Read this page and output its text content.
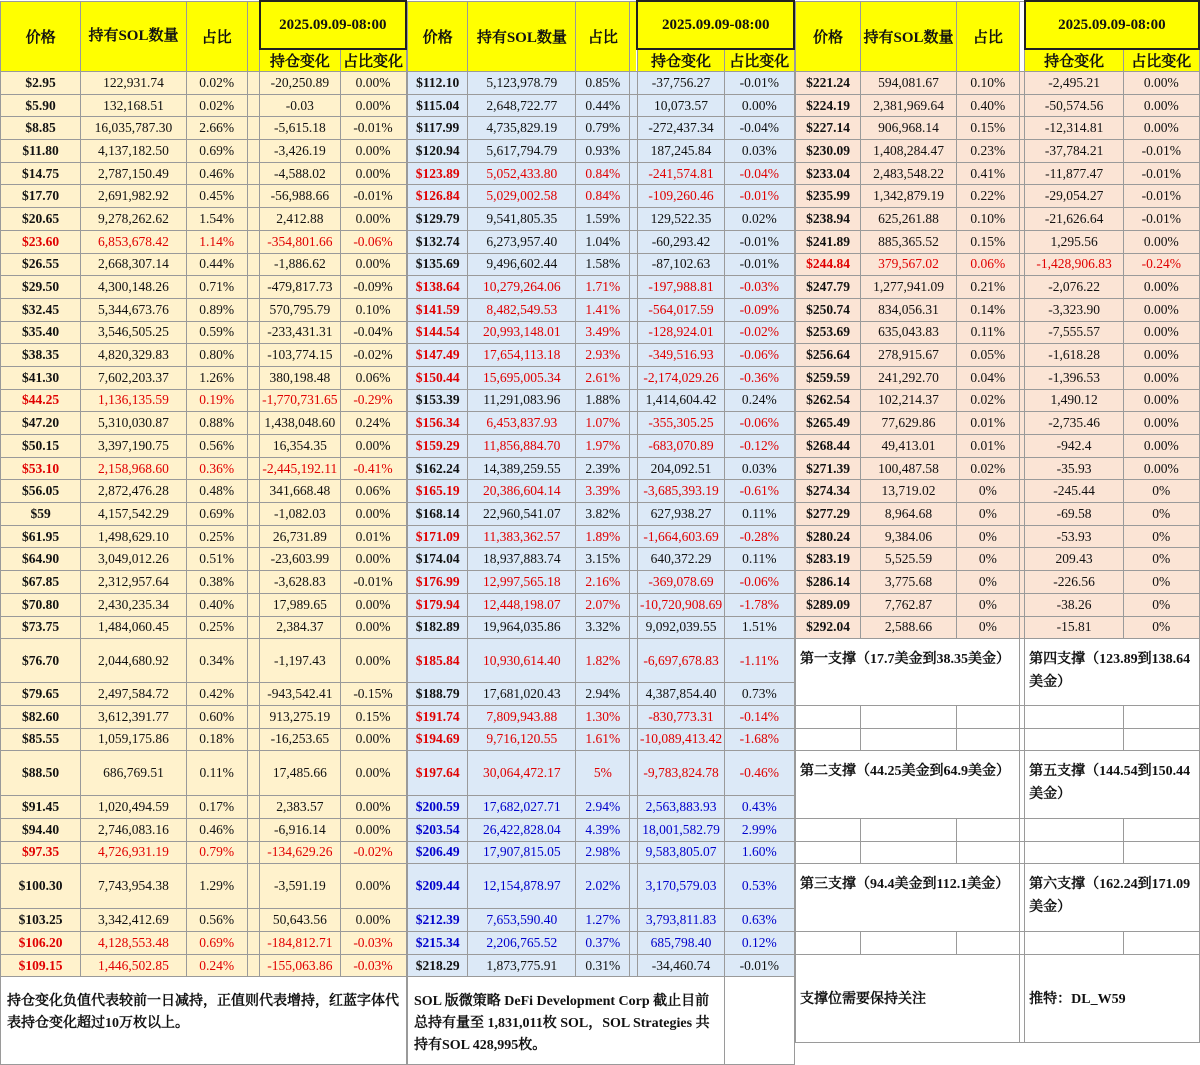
价格	持有SOL数量	占比		2025.09.09-08:00	
				持仓变化	占比变化
$2.95	122,931.74	0.02%		-20,250.89	0.00%
$5.90	132,168.51	0.02%		-0.03	0.00%
$8.85	16,035,787.30	2.66%		-5,615.18	-0.01%
$11.80	4,137,182.50	0.69%		-3,426.19	0.00%
$14.75	2,787,150.49	0.46%		-4,588.02	0.00%
$17.70	2,691,982.92	0.45%		-56,988.66	-0.01%
$20.65	9,278,262.62	1.54%		2,412.88	0.00%
$23.60	6,853,678.42	1.14%		-354,801.66	-0.06%
$26.55	2,668,307.14	0.44%		-1,886.62	0.00%
$29.50	4,300,148.26	0.71%		-479,817.73	-0.09%
$32.45	5,344,673.76	0.89%		570,795.79	0.10%
$35.40	3,546,505.25	0.59%		-233,431.31	-0.04%
$38.35	4,820,329.83	0.80%		-103,774.15	-0.02%
$41.30	7,602,203.37	1.26%		380,198.48	0.06%
$44.25	1,136,135.59	0.19%		-1,770,731.65	-0.29%
$47.20	5,310,030.87	0.88%		1,438,048.60	0.24%
$50.15	3,397,190.75	0.56%		16,354.35	0.00%
$53.10	2,158,968.60	0.36%		-2,445,192.11	-0.41%
$56.05	2,872,476.28	0.48%		341,668.48	0.06%
$59	4,157,542.29	0.69%		-1,082.03	0.00%
$61.95	1,498,629.10	0.25%		26,731.89	0.01%
$64.90	3,049,012.26	0.51%		-23,603.99	0.00%
$67.85	2,312,957.64	0.38%		-3,628.83	-0.01%
$70.80	2,430,235.34	0.40%		17,989.65	0.00%
$73.75	1,484,060.45	0.25%		2,384.37	0.00%
$76.70	2,044,680.92	0.34%		-1,197.43	0.00%
$79.65	2,497,584.72	0.42%		-943,542.41	-0.15%
$82.60	3,612,391.77	0.60%		913,275.19	0.15%
$85.55	1,059,175.86	0.18%		-16,253.65	0.00%
$88.50	686,769.51	0.11%		17,485.66	0.00%
$91.45	1,020,494.59	0.17%		2,383.57	0.00%
$94.40	2,746,083.16	0.46%		-6,916.14	0.00%
$97.35	4,726,931.19	0.79%		-134,629.26	-0.02%
$100.30	7,743,954.38	1.29%		-3,591.19	0.00%
$103.25	3,342,412.69	0.56%		50,643.56	0.00%
$106.20	4,128,553.48	0.69%		-184,812.71	-0.03%
$109.15	1,446,502.85	0.24%		-155,063.86	-0.03%
持仓变化负值代表较前一日减持，正值则代表增持，红蓝字体代表持仓变化超过10万枚以上。					
价格	持有SOL数量	占比		2025.09.09-08:00	
				持仓变化	占比变化
$112.10	5,123,978.79	0.85%		-37,756.27	-0.01%
$115.04	2,648,722.77	0.44%		10,073.57	0.00%
$117.99	4,735,829.19	0.79%		-272,437.34	-0.04%
$120.94	5,617,794.79	0.93%		187,245.84	0.03%
$123.89	5,052,433.80	0.84%		-241,574.81	-0.04%
$126.84	5,029,002.58	0.84%		-109,260.46	-0.01%
$129.79	9,541,805.35	1.59%		129,522.35	0.02%
$132.74	6,273,957.40	1.04%		-60,293.42	-0.01%
$135.69	9,496,602.44	1.58%		-87,102.63	-0.01%
$138.64	10,279,264.06	1.71%		-197,988.81	-0.03%
$141.59	8,482,549.53	1.41%		-564,017.59	-0.09%
$144.54	20,993,148.01	3.49%		-128,924.01	-0.02%
$147.49	17,654,113.18	2.93%		-349,516.93	-0.06%
$150.44	15,695,005.34	2.61%		-2,174,029.26	-0.36%
$153.39	11,291,083.96	1.88%		1,414,604.42	0.24%
$156.34	6,453,837.93	1.07%		-355,305.25	-0.06%
$159.29	11,856,884.70	1.97%		-683,070.89	-0.12%
$162.24	14,389,259.55	2.39%		204,092.51	0.03%
$165.19	20,386,604.14	3.39%		-3,685,393.19	-0.61%
$168.14	22,960,541.07	3.82%		627,938.27	0.11%
$171.09	11,383,362.57	1.89%		-1,664,603.69	-0.28%
$174.04	18,937,883.74	3.15%		640,372.29	0.11%
$176.99	12,997,565.18	2.16%		-369,078.69	-0.06%
$179.94	12,448,198.07	2.07%		-10,720,908.69	-1.78%
$182.89	19,964,035.86	3.32%		9,092,039.55	1.51%
$185.84	10,930,614.40	1.82%		-6,697,678.83	-1.11%
$188.79	17,681,020.43	2.94%		4,387,854.40	0.73%
$191.74	7,809,943.88	1.30%		-830,773.31	-0.14%
$194.69	9,716,120.55	1.61%		-10,089,413.42	-1.68%
$197.64	30,064,472.17	5%		-9,783,824.78	-0.46%
$200.59	17,682,027.71	2.94%		2,563,883.93	0.43%
$203.54	26,422,828.04	4.39%		18,001,582.79	2.99%
$206.49	17,907,815.05	2.98%		9,583,805.07	1.60%
$209.44	12,154,878.97	2.02%		3,170,579.03	0.53%
$212.39	7,653,590.40	1.27%		3,793,811.83	0.63%
$215.34	2,206,765.52	0.37%		685,798.40	0.12%
$218.29	1,873,775.91	0.31%		-34,460.74	-0.01%
SOL 版微策略 DeFi Development Corp 截止目前总持有量至 1,831,011枚 SOL，SOL Strategies 共持有SOL 428,995枚。					
价格	持有SOL数量	占比		2025.09.09-08:00	
				持仓变化	占比变化
$221.24	594,081.67	0.10%		-2,495.21	0.00%
$224.19	2,381,969.64	0.40%		-50,574.56	0.00%
$227.14	906,968.14	0.15%		-12,314.81	0.00%
$230.09	1,408,284.47	0.23%		-37,784.21	-0.01%
$233.04	2,483,548.22	0.41%		-11,877.47	-0.01%
$235.99	1,342,879.19	0.22%		-29,054.27	-0.01%
$238.94	625,261.88	0.10%		-21,626.64	-0.01%
$241.89	885,365.52	0.15%		1,295.56	0.00%
$244.84	379,567.02	0.06%		-1,428,906.83	-0.24%
$247.79	1,277,941.09	0.21%		-2,076.22	0.00%
$250.74	834,056.31	0.14%		-3,323.90	0.00%
$253.69	635,043.83	0.11%		-7,555.57	0.00%
$256.64	278,915.67	0.05%		-1,618.28	0.00%
$259.59	241,292.70	0.04%		-1,396.53	0.00%
$262.54	102,214.37	0.02%		1,490.12	0.00%
$265.49	77,629.86	0.01%		-2,735.46	0.00%
$268.44	49,413.01	0.01%		-942.4	0.00%
$271.39	100,487.58	0.02%		-35.93	0.00%
$274.34	13,719.02	0%		-245.44	0%
$277.29	8,964.68	0%		-69.58	0%
$280.24	9,384.06	0%		-53.93	0%
$283.19	5,525.59	0%		209.43	0%
$286.14	3,775.68	0%		-226.56	0%
$289.09	7,762.87	0%		-38.26	0%
$292.04	2,588.66	0%		-15.81	0%
第一支撑（17.7美金到38.35美金）				第四支撑（123.89到138.64美金）	

第二支撑（44.25美金到64.9美金）				第五支撑（144.54到150.44美金）	

第三支撑（94.4美金到112.1美金）				第六支撑（162.24到171.09美金）	

支撑位需要保持关注				推特：DL_W59	
